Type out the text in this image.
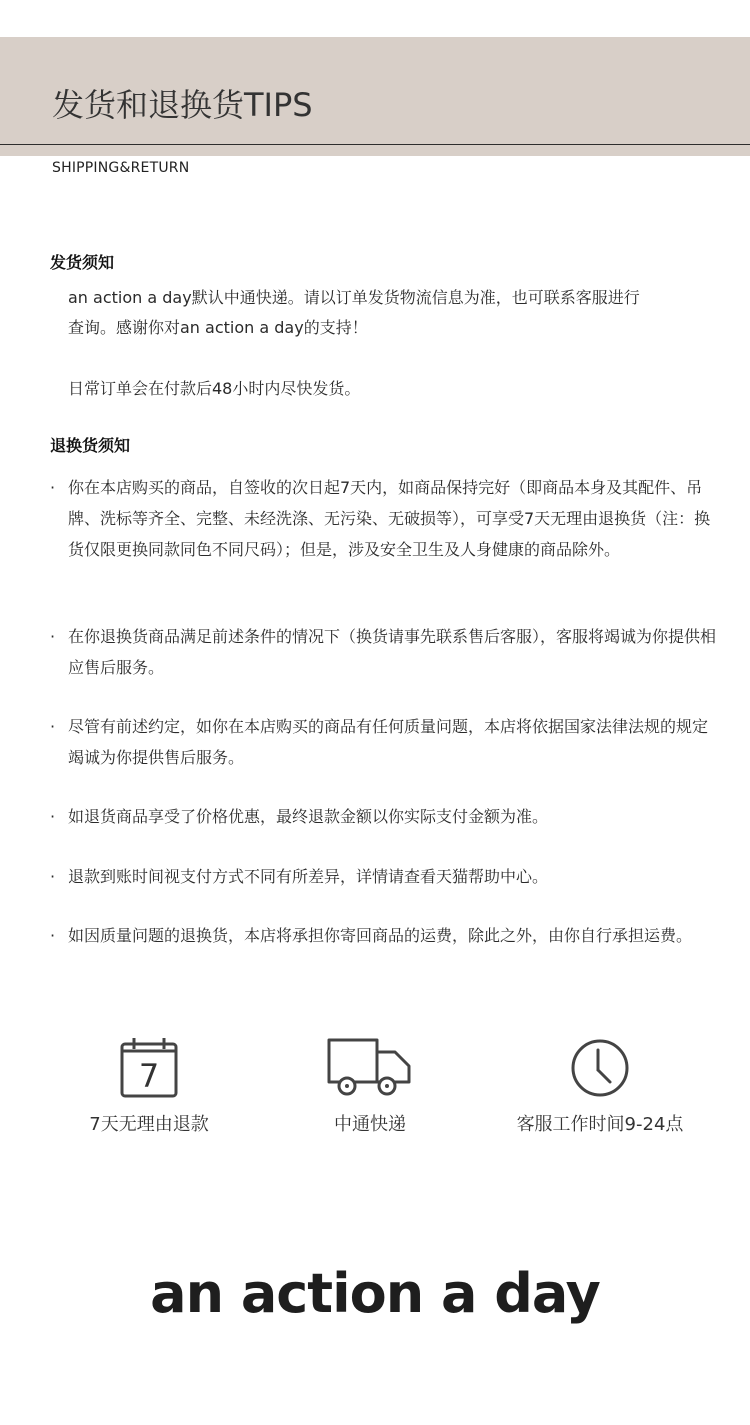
发货和退换货TIPS
SHIPPING&RETURN
发货须知
an action a day默认中通快递。请以订单发货物流信息为准，也可联系客服进行
查询。感谢你对an action a day的支持！
日常订单会在付款后48小时内尽快发货。
退换货须知
· 你在本店购买的商品，自签收的次日起7天内，如商品保持完好（即商品本身及其配件、吊牌、洗标等齐全、完整、未经洗涤、无污染、无破损等），可享受7天无理由退换货（注：换货仅限更换同款同色不同尺码）；但是，涉及安全卫生及人身健康的商品除外。
· 在你退换货商品满足前述条件的情况下（换货请事先联系售后客服），客服将竭诚为你提供相应售后服务。
· 尽管有前述约定，如你在本店购买的商品有任何质量问题，本店将依据国家法律法规的规定竭诚为你提供售后服务。
· 如退货商品享受了价格优惠，最终退款金额以你实际支付金额为准。
· 退款到账时间视支付方式不同有所差异，详情请查看天猫帮助中心。
· 如因质量问题的退换货，本店将承担你寄回商品的运费，除此之外，由你自行承担运费。
7
7天无理由退款	中通快递	客服工作时间9-24点
an action a day
